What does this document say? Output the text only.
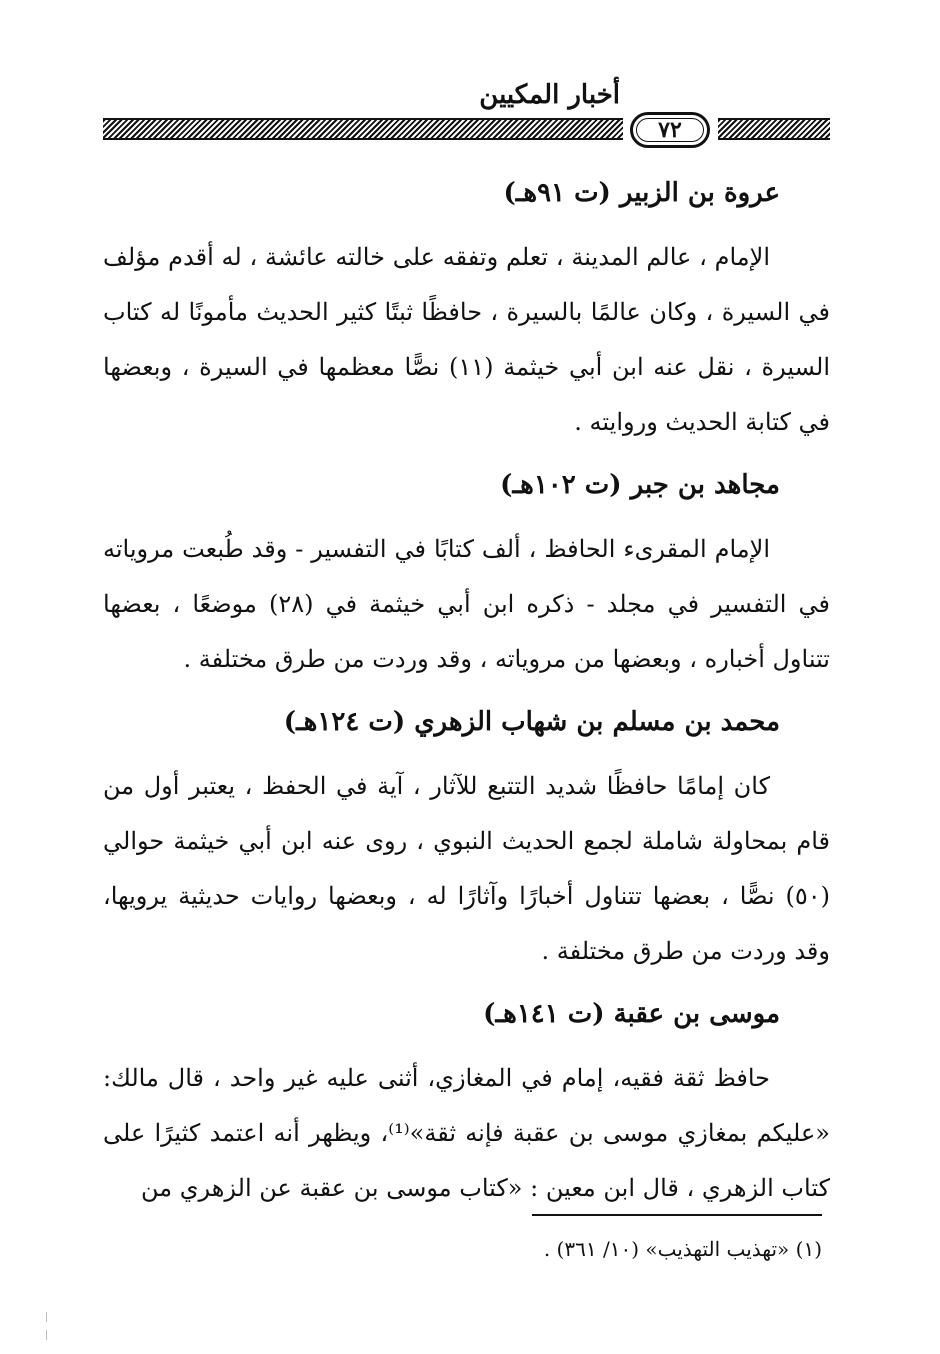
أخبار المكيين
٧٢
عروة بن الزبير (ت ٩١هـ)

الإمام ، عالم المدينة ، تعلم وتفقه على خالته عائشة ، له أقدم مؤلف في السيرة ، وكان عالمًا بالسيرة ، حافظًا ثبتًا كثير الحديث مأمونًا له كتاب السيرة ، نقل عنه ابن أبي خيثمة (١١) نصًّا معظمها في السيرة ، وبعضها في كتابة الحديث وروايته .

مجاهد بن جبر (ت ١٠٢هـ)

الإمام المقرىء الحافظ ، ألف كتابًا في التفسير - وقد طُبعت مروياته في التفسير في مجلد - ذكره ابن أبي خيثمة في (٢٨) موضعًا ، بعضها تتناول أخباره ، وبعضها من مروياته ، وقد وردت من طرق مختلفة .

محمد بن مسلم بن شهاب الزهري (ت ١٢٤هـ)

كان إمامًا حافظًا شديد التتبع للآثار ، آية في الحفظ ، يعتبر أول من قام بمحاولة شاملة لجمع الحديث النبوي ، روى عنه ابن أبي خيثمة حوالي (٥٠) نصًّا ، بعضها تتناول أخبارًا وآثارًا له ، وبعضها روايات حديثية يرويها، وقد وردت من طرق مختلفة .

موسى بن عقبة (ت ١٤١هـ)

حافظ ثقة فقيه، إمام في المغازي، أثنى عليه غير واحد ، قال مالك: «عليكم بمغازي موسى بن عقبة فإنه ثقة»⁽¹⁾، ويظهر أنه اعتمد كثيرًا على كتاب الزهري ، قال ابن معين : «كتاب موسى بن عقبة عن الزهري من

(١) «تهذيب التهذيب» (١٠/ ٣٦١) .
